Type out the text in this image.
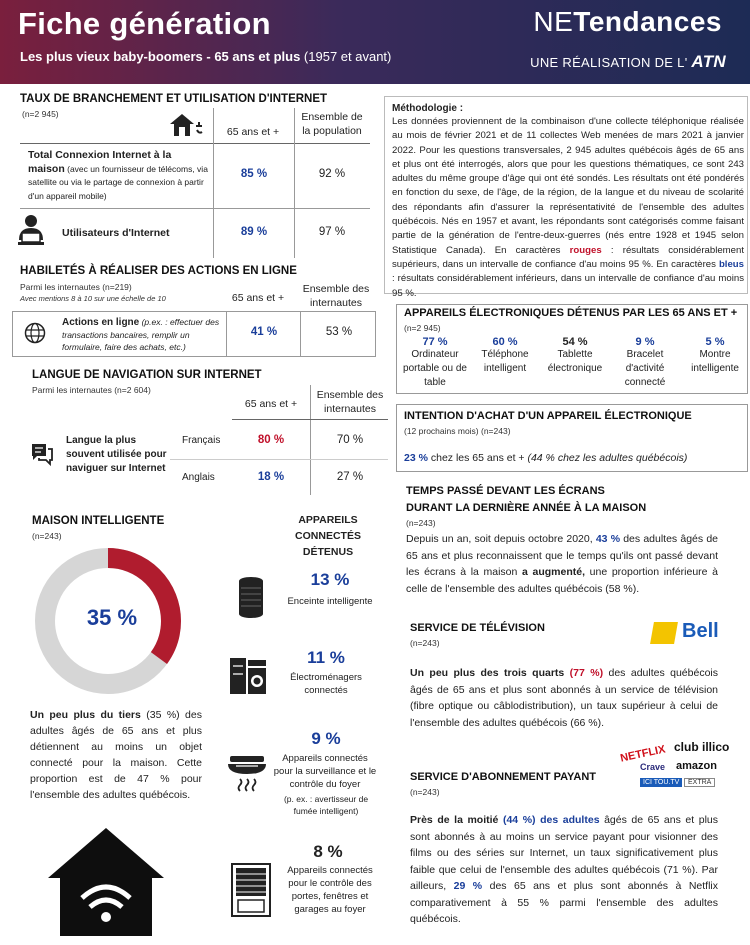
Fiche génération
Les plus vieux baby-boomers - 65 ans et plus (1957 et avant)
NETendances
UNE RÉALISATION DE L' ATN
TAUX DE BRANCHEMENT ET UTILISATION D'INTERNET
(n=2 945)
65 ans et +
Ensemble de la population
Total Connexion Internet à la maison (avec un fournisseur de télécoms, via satellite ou via le partage de connexion à partir d'un appareil mobile)
85 %	92 %
Utilisateurs d'Internet	89 %	97 %
HABILETÉS À RÉALISER DES ACTIONS EN LIGNE
Parmi les internautes (n=219)
Avec mentions 8 à 10 sur une échelle de 10	65 ans et +
Ensemble des internautes
Actions en ligne (p.ex. : effectuer des transactions bancaires, remplir un formulaire, faire des achats, etc.)
41 %	53 %
LANGUE DE NAVIGATION SUR INTERNET
Parmi les internautes (n=2 604)
65 ans et +
Ensemble des internautes
Langue la plus souvent utilisée pour naviguer sur Internet
Français	80 %	70 %
Anglais	18 %	27 %
MAISON INTELLIGENTE
(n=243)
35 %
Un peu plus du tiers (35 %) des adultes âgés de 65 ans et plus détiennent au moins un objet connecté pour la maison. Cette proportion est de 47 % pour l'ensemble des adultes québécois.
APPAREILS CONNECTÉS DÉTENUS
13 %
Enceinte intelligente
11 %
Électroménagers connectés
9 %
Appareils connectés pour la surveillance et le contrôle du foyer
(p. ex. : avertisseur de fumée intelligent)
8 %
Appareils connectés pour le contrôle des portes, fenêtres et garages au foyer
Méthodologie :
Les données proviennent de la combinaison d'une collecte téléphonique réalisée au mois de février 2021 et de 11 collectes Web menées de mars 2021 à janvier 2022. Pour les questions transversales, 2 945 adultes québécois âgés de 65 ans et plus ont été interrogés, alors que pour les questions thématiques, ce sont 243 adultes du même groupe d'âge qui ont été sondés. Les résultats ont été pondérés en fonction du sexe, de l'âge, de la région, de la langue et du niveau de scolarité des répondants afin d'assurer la représentativité de l'ensemble des adultes québécois. Nés en 1957 et avant, les répondants sont catégorisés comme faisant partie de la génération de l'entre-deux-guerres (nés entre 1928 et 1945 selon Statistique Canada). En caractères rouges : résultats considérablement supérieurs, dans un intervalle de confiance d'au moins 95 %. En caractères bleus : résultats considérablement inférieurs, dans un intervalle de confiance d'au moins 95 %.
APPAREILS ÉLECTRONIQUES DÉTENUS PAR LES 65 ANS ET +
(n=2 945)
77 %
Ordinateur portable ou de table
60 %
Téléphone intelligent
54 %
Tablette électronique
9 %
Bracelet d'activité connecté
5 %
Montre intelligente
INTENTION D'ACHAT D'UN APPAREIL ÉLECTRONIQUE
(12 prochains mois) (n=243)
23 % chez les 65 ans et + (44 % chez les adultes québécois)
TEMPS PASSÉ DEVANT LES ÉCRANS
DURANT LA DERNIÈRE ANNÉE À LA MAISON
(n=243)
Depuis un an, soit depuis octobre 2020, 43 % des adultes âgés de 65 ans et plus reconnaissent que le temps qu'ils ont passé devant les écrans à la maison a augmenté, une proportion inférieure à celle de l'ensemble des adultes québécois (58 %).
SERVICE DE TÉLÉVISION
(n=243)
Bell
Un peu plus des trois quarts (77 %) des adultes québécois âgés de 65 ans et plus sont abonnés à un service de télévision (fibre optique ou câblodistribution), un taux supérieur à celui de l'ensemble des adultes québécois (66 %).
SERVICE D'ABONNEMENT PAYANT
(n=243)
NETFLIX club illico
Crave amazon
ICI TOU.TV	EXTRA
Près de la moitié (44 %) des adultes âgés de 65 ans et plus sont abonnés à au moins un service payant pour visionner des films ou des séries sur Internet, un taux significativement plus faible que celui de l'ensemble des adultes québécois (71 %). Par ailleurs, 29 % des 65 ans et plus sont abonnés à Netflix comparativement à 55 % parmi l'ensemble des adultes québécois.
